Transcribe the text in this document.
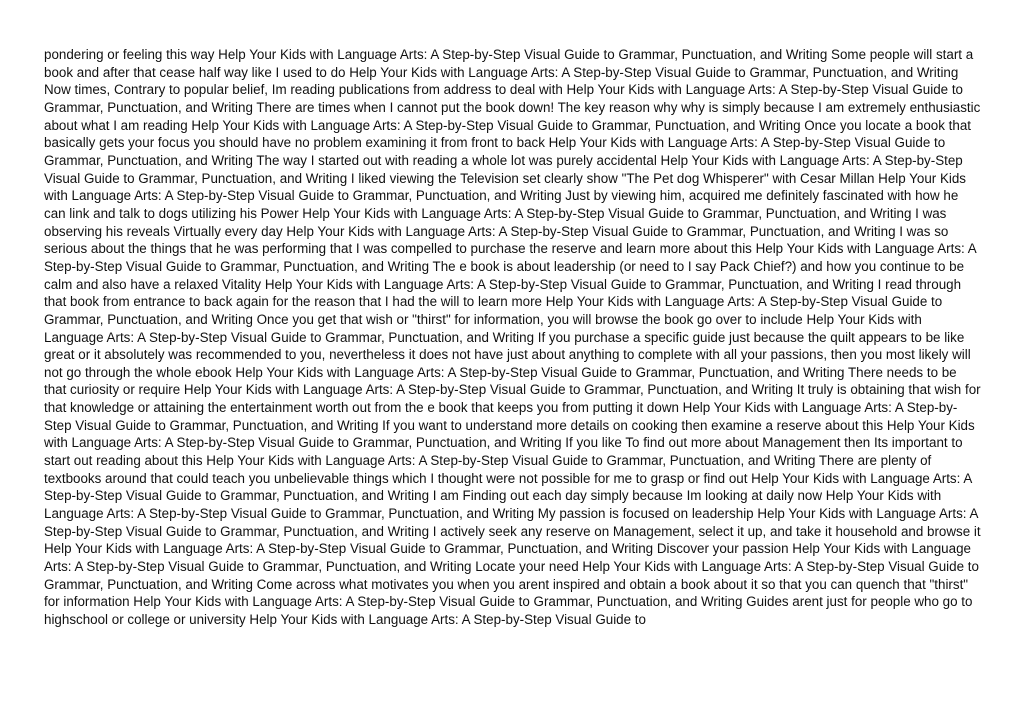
pondering or feeling this way Help Your Kids with Language Arts: A Step-by-Step Visual Guide to Grammar, Punctuation, and Writing Some people will start a book and after that cease half way like I used to do Help Your Kids with Language Arts: A Step-by-Step Visual Guide to Grammar, Punctuation, and Writing Now times, Contrary to popular belief, Im reading publications from address to deal with Help Your Kids with Language Arts: A Step-by-Step Visual Guide to Grammar, Punctuation, and Writing There are times when I cannot put the book down! The key reason why why is simply because I am extremely enthusiastic about what I am reading Help Your Kids with Language Arts: A Step-by-Step Visual Guide to Grammar, Punctuation, and Writing Once you locate a book that basically gets your focus you should have no problem examining it from front to back Help Your Kids with Language Arts: A Step-by-Step Visual Guide to Grammar, Punctuation, and Writing The way I started out with reading a whole lot was purely accidental Help Your Kids with Language Arts: A Step-by-Step Visual Guide to Grammar, Punctuation, and Writing I liked viewing the Television set clearly show "The Pet dog Whisperer" with Cesar Millan Help Your Kids with Language Arts: A Step-by-Step Visual Guide to Grammar, Punctuation, and Writing Just by viewing him, acquired me definitely fascinated with how he can link and talk to dogs utilizing his Power Help Your Kids with Language Arts: A Step-by-Step Visual Guide to Grammar, Punctuation, and Writing I was observing his reveals Virtually every day Help Your Kids with Language Arts: A Step-by-Step Visual Guide to Grammar, Punctuation, and Writing I was so serious about the things that he was performing that I was compelled to purchase the reserve and learn more about this Help Your Kids with Language Arts: A Step-by-Step Visual Guide to Grammar, Punctuation, and Writing The e book is about leadership (or need to I say Pack Chief?) and how you continue to be calm and also have a relaxed Vitality Help Your Kids with Language Arts: A Step-by-Step Visual Guide to Grammar, Punctuation, and Writing I read through that book from entrance to back again for the reason that I had the will to learn more Help Your Kids with Language Arts: A Step-by-Step Visual Guide to Grammar, Punctuation, and Writing Once you get that wish or "thirst" for information, you will browse the book go over to include Help Your Kids with Language Arts: A Step-by-Step Visual Guide to Grammar, Punctuation, and Writing If you purchase a specific guide just because the quilt appears to be like great or it absolutely was recommended to you, nevertheless it does not have just about anything to complete with all your passions, then you most likely will not go through the whole ebook Help Your Kids with Language Arts: A Step-by-Step Visual Guide to Grammar, Punctuation, and Writing There needs to be that curiosity or require Help Your Kids with Language Arts: A Step-by-Step Visual Guide to Grammar, Punctuation, and Writing It truly is obtaining that wish for that knowledge or attaining the entertainment worth out from the e book that keeps you from putting it down Help Your Kids with Language Arts: A Step-by-Step Visual Guide to Grammar, Punctuation, and Writing If you want to understand more details on cooking then examine a reserve about this Help Your Kids with Language Arts: A Step-by-Step Visual Guide to Grammar, Punctuation, and Writing If you like To find out more about Management then Its important to start out reading about this Help Your Kids with Language Arts: A Step-by-Step Visual Guide to Grammar, Punctuation, and Writing There are plenty of textbooks around that could teach you unbelievable things which I thought were not possible for me to grasp or find out Help Your Kids with Language Arts: A Step-by-Step Visual Guide to Grammar, Punctuation, and Writing I am Finding out each day simply because Im looking at daily now Help Your Kids with Language Arts: A Step-by-Step Visual Guide to Grammar, Punctuation, and Writing My passion is focused on leadership Help Your Kids with Language Arts: A Step-by-Step Visual Guide to Grammar, Punctuation, and Writing I actively seek any reserve on Management, select it up, and take it household and browse it Help Your Kids with Language Arts: A Step-by-Step Visual Guide to Grammar, Punctuation, and Writing Discover your passion Help Your Kids with Language Arts: A Step-by-Step Visual Guide to Grammar, Punctuation, and Writing Locate your need Help Your Kids with Language Arts: A Step-by-Step Visual Guide to Grammar, Punctuation, and Writing Come across what motivates you when you arent inspired and obtain a book about it so that you can quench that "thirst" for information Help Your Kids with Language Arts: A Step-by-Step Visual Guide to Grammar, Punctuation, and Writing Guides arent just for people who go to highschool or college or university Help Your Kids with Language Arts: A Step-by-Step Visual Guide to
